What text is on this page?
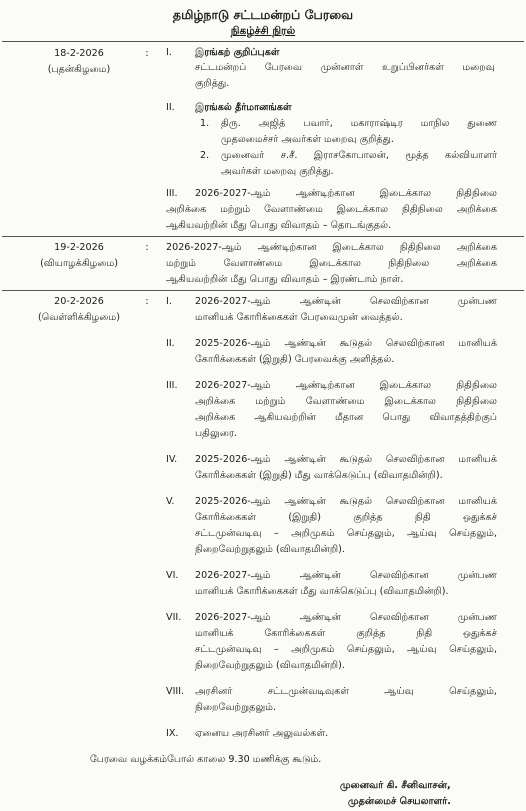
தமிழ்நாடு சட்டமன்றப் பேரவை
நிகழ்ச்சி நிரல்
18-2-2026
(புதன்கிழமை)
:	I.	இரங்கற் குறிப்புகள்
சட்டமன்றப் பேரவை முன்னாள் உறுப்பினர்கள் மறைவு
குறித்து.
II.	இரங்கல் தீர்மானங்கள்
1. திரு. அஜித் பவார், மகாராஷ்டிர மாநில துணை
முதலமைச்சர் அவர்கள் மறைவு குறித்து.
2. முனைவர் ச.சீ. இராசகோபாலன், மூத்த கல்வியாளர்
அவர்கள் மறைவு குறித்து.
III.	2026-2027-ஆம் ஆண்டிற்கான இடைக்கால நிதிநிலை
அறிக்கை மற்றும் வேளாண்மை இடைக்கால நிதிநிலை அறிக்கை
ஆகியவற்றின் மீது பொது விவாதம் – தொடங்குதல்.
19-2-2026
(வியாழக்கிழமை)
:	2026-2027-ஆம் ஆண்டிற்கான இடைக்கால நிதிநிலை அறிக்கை
மற்றும் வேளாண்மை இடைக்கால நிதிநிலை அறிக்கை
ஆகியவற்றின் மீது பொது விவாதம் – இரண்டாம் நாள்.
20-2-2026
(வெள்ளிக்கிழமை)
:	I.	2026-2027-ஆம் ஆண்டின் செலவிற்கான முன்பண
மானியக் கோரிக்கைகள் பேரவைமுன் வைத்தல்.
II.	2025-2026-ஆம் ஆண்டின் கூடுதல் செலவிற்கான மானியக்
கோரிக்கைகள் (இறுதி) பேரவைக்கு அளித்தல்.
III.	2026-2027-ஆம் ஆண்டிற்கான இடைக்கால நிதிநிலை
அறிக்கை மற்றும் வேளாண்மை இடைக்கால நிதிநிலை
அறிக்கை ஆகியவற்றின் மீதான பொது விவாதத்திற்குப்
பதிலுரை.
IV.	2025-2026-ஆம் ஆண்டின் கூடுதல் செலவிற்கான மானியக்
கோரிக்கைகள் (இறுதி) மீது வாக்கெடுப்பு (விவாதமின்றி).
V.	2025-2026-ஆம் ஆண்டின் கூடுதல் செலவிற்கான மானியக்
கோரிக்கைகள் (இறுதி) குறித்த நிதி ஒதுக்கச்
சட்டமுன்வடிவு – அறிமுகம் செய்தலும், ஆய்வு செய்தலும்,
நிறைவேற்றுதலும் (விவாதமின்றி).
VI.	2026-2027-ஆம் ஆண்டின் செலவிற்கான முன்பண
மானியக் கோரிக்கைகள் மீது வாக்கெடுப்பு (விவாதமின்றி).
VII.	2026-2027-ஆம் ஆண்டின் செலவிற்கான முன்பண
மானியக் கோரிக்கைகள் குறித்த நிதி ஒதுக்கச்
சட்டமுன்வடிவு – அறிமுகம் செய்தலும், ஆய்வு செய்தலும்,
நிறைவேற்றுதலும் (விவாதமின்றி).
VIII.	அரசினர் சட்டமுன்வடிவுகள் ஆய்வு செய்தலும்,
நிறைவேற்றுதலும்.
IX.	ஏனைய அரசினர் அலுவல்கள்.
பேரவை வழக்கம்போல் காலை 9.30 மணிக்கு கூடும்.
முனைவர் கி. சீனிவாசன்,
முதன்மைச் செயலாளர்.
